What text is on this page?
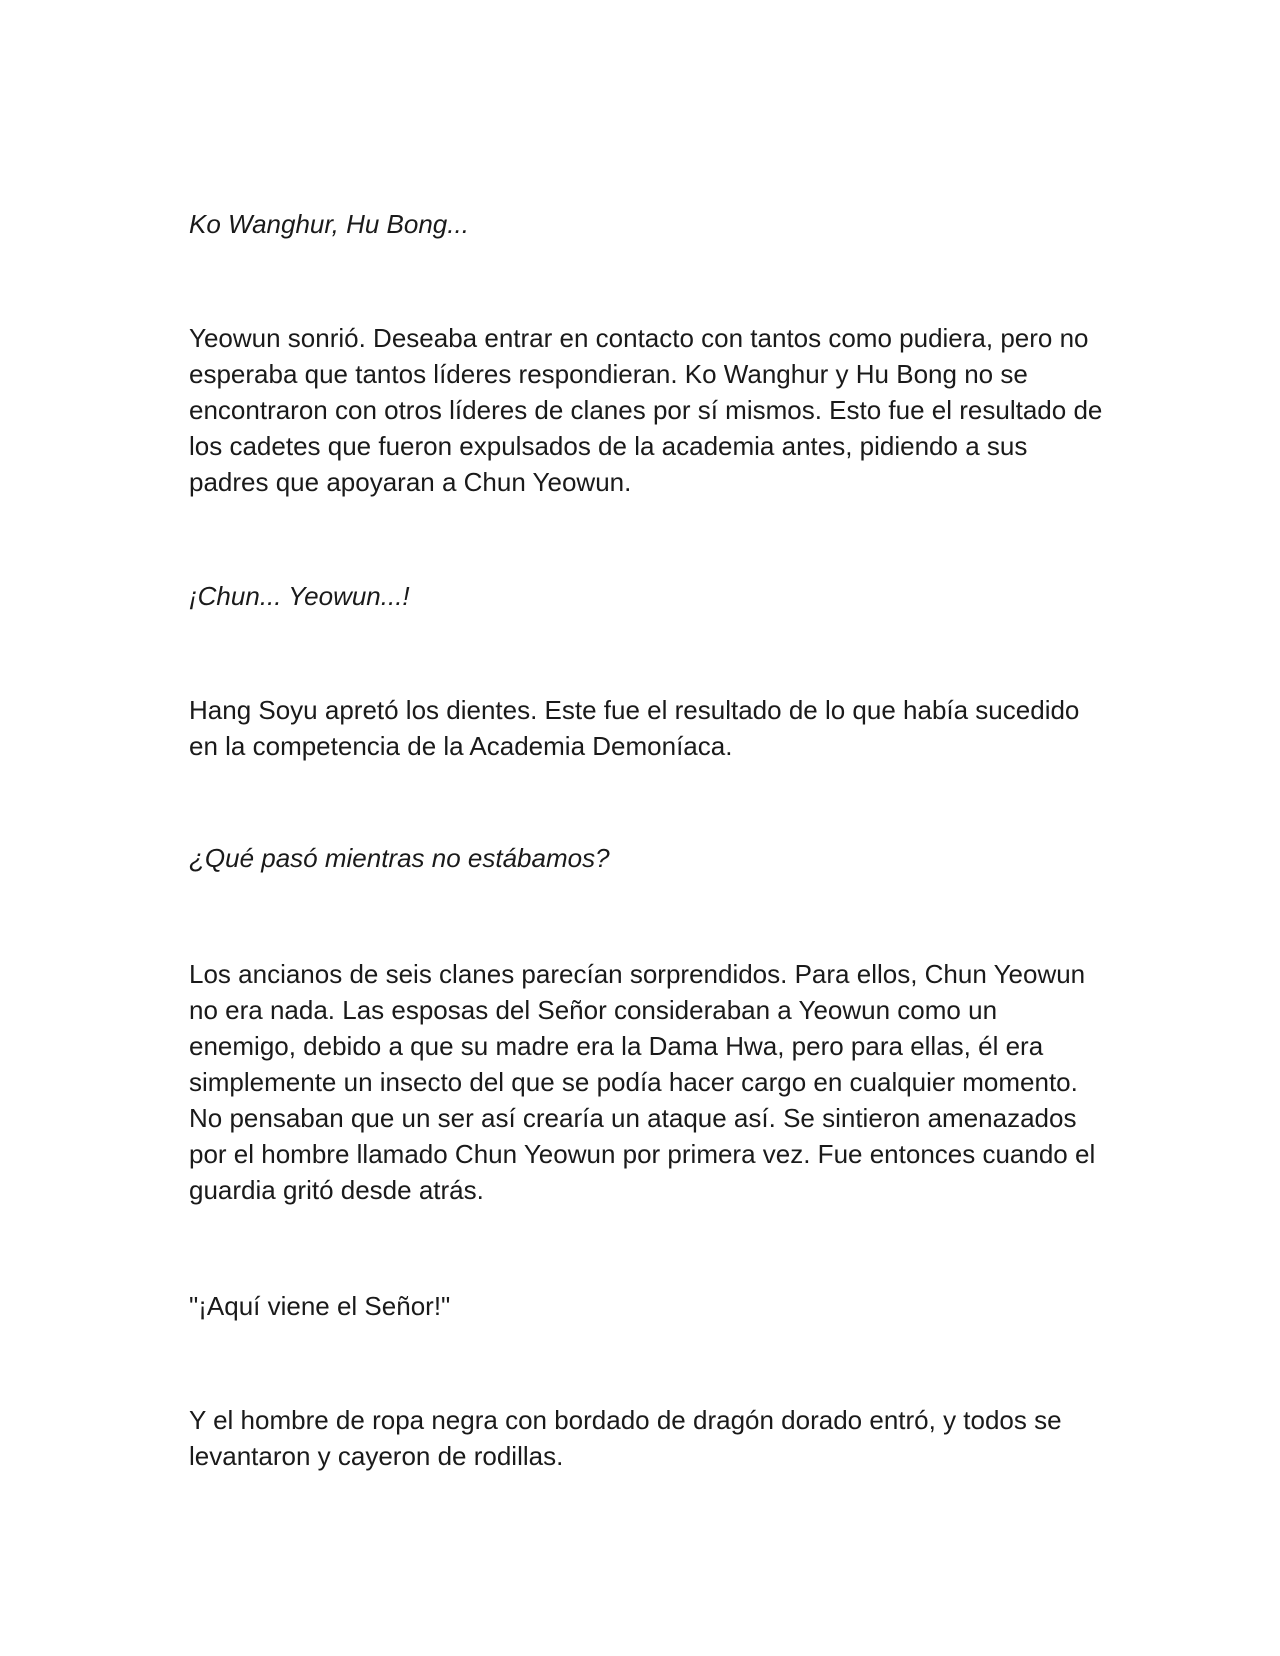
Ko Wanghur, Hu Bong...

Yeowun sonrió. Deseaba entrar en contacto con tantos como pudiera, pero no esperaba que tantos líderes respondieran. Ko Wanghur y Hu Bong no se encontraron con otros líderes de clanes por sí mismos. Esto fue el resultado de los cadetes que fueron expulsados de la academia antes, pidiendo a sus padres que apoyaran a Chun Yeowun.

¡Chun... Yeowun...!

Hang Soyu apretó los dientes. Este fue el resultado de lo que había sucedido en la competencia de la Academia Demoníaca.

¿Qué pasó mientras no estábamos?

Los ancianos de seis clanes parecían sorprendidos. Para ellos, Chun Yeowun no era nada. Las esposas del Señor consideraban a Yeowun como un enemigo, debido a que su madre era la Dama Hwa, pero para ellas, él era simplemente un insecto del que se podía hacer cargo en cualquier momento. No pensaban que un ser así crearía un ataque así. Se sintieron amenazados por el hombre llamado Chun Yeowun por primera vez. Fue entonces cuando el guardia gritó desde atrás.

"¡Aquí viene el Señor!"

Y el hombre de ropa negra con bordado de dragón dorado entró, y todos se levantaron y cayeron de rodillas.
